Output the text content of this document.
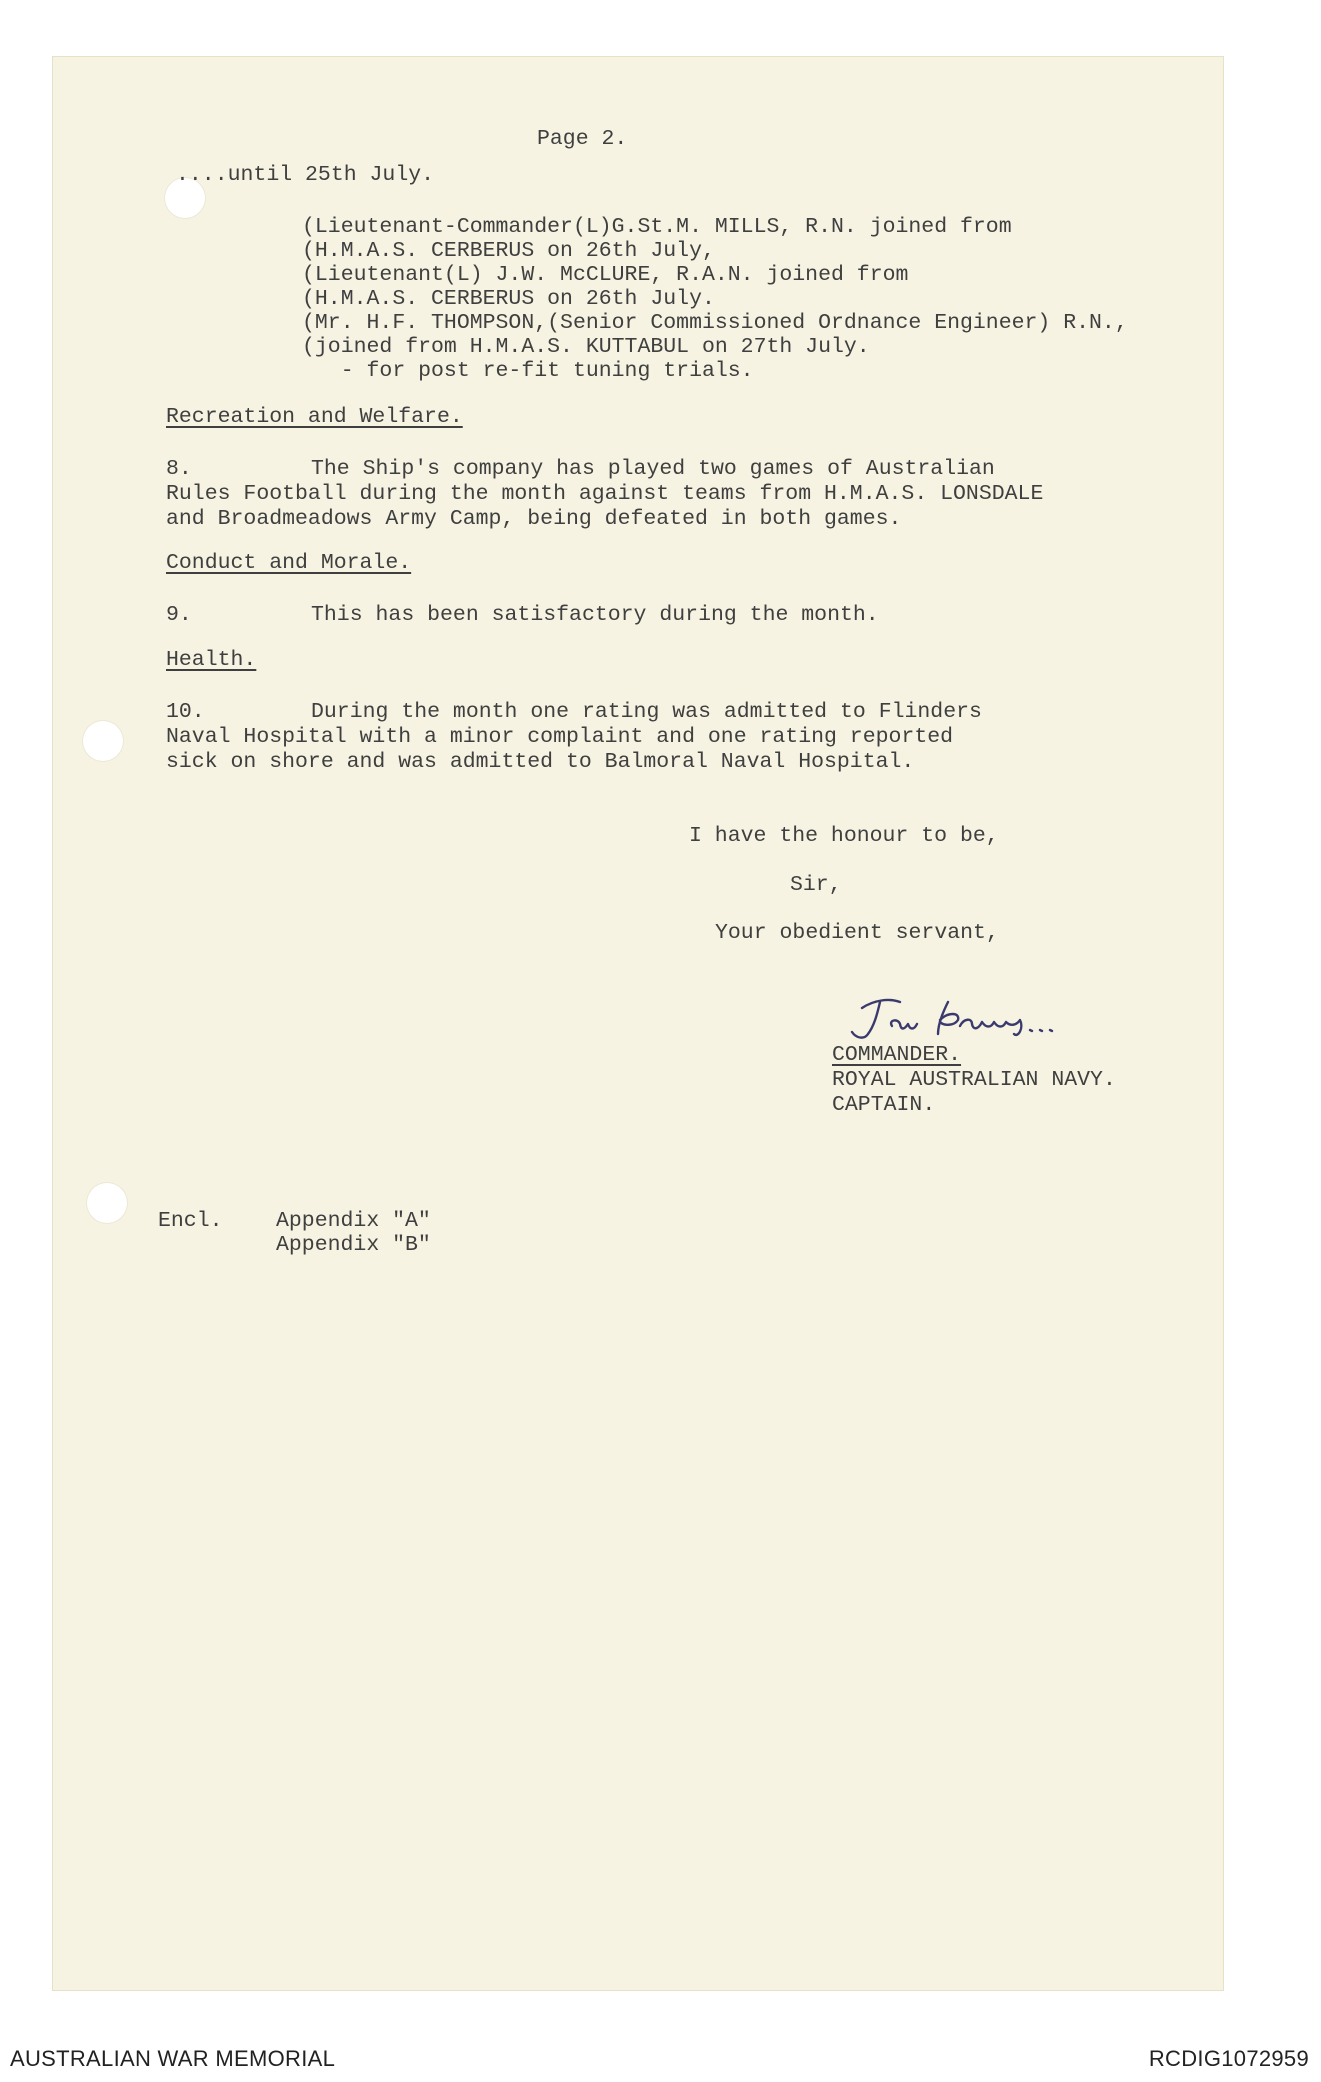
Page 2.
....until 25th July.
(Lieutenant-Commander(L)G.St.M. MILLS, R.N. joined from
(H.M.A.S. CERBERUS on 26th July,
(Lieutenant(L) J.W. McCLURE, R.A.N. joined from
(H.M.A.S. CERBERUS on 26th July.
(Mr. H.F. THOMPSON,(Senior Commissioned Ordnance Engineer) R.N.,
(joined from H.M.A.S. KUTTABUL on 27th July.
- for post re-fit tuning trials.
Recreation and Welfare.
8.	The Ship's company has played two games of Australian
Rules Football during the month against teams from H.M.A.S. LONSDALE
and Broadmeadows Army Camp, being defeated in both games.
Conduct and Morale.
9.	This has been satisfactory during the month.
Health.
10.	During the month one rating was admitted to Flinders
Naval Hospital with a minor complaint and one rating reported
sick on shore and was admitted to Balmoral Naval Hospital.
I have the honour to be,
Sir,
Your obedient servant,
COMMANDER.
ROYAL AUSTRALIAN NAVY.
CAPTAIN.
Encl. Appendix "A"
Appendix "B"
AUSTRALIAN WAR MEMORIAL	RCDIG1072959
